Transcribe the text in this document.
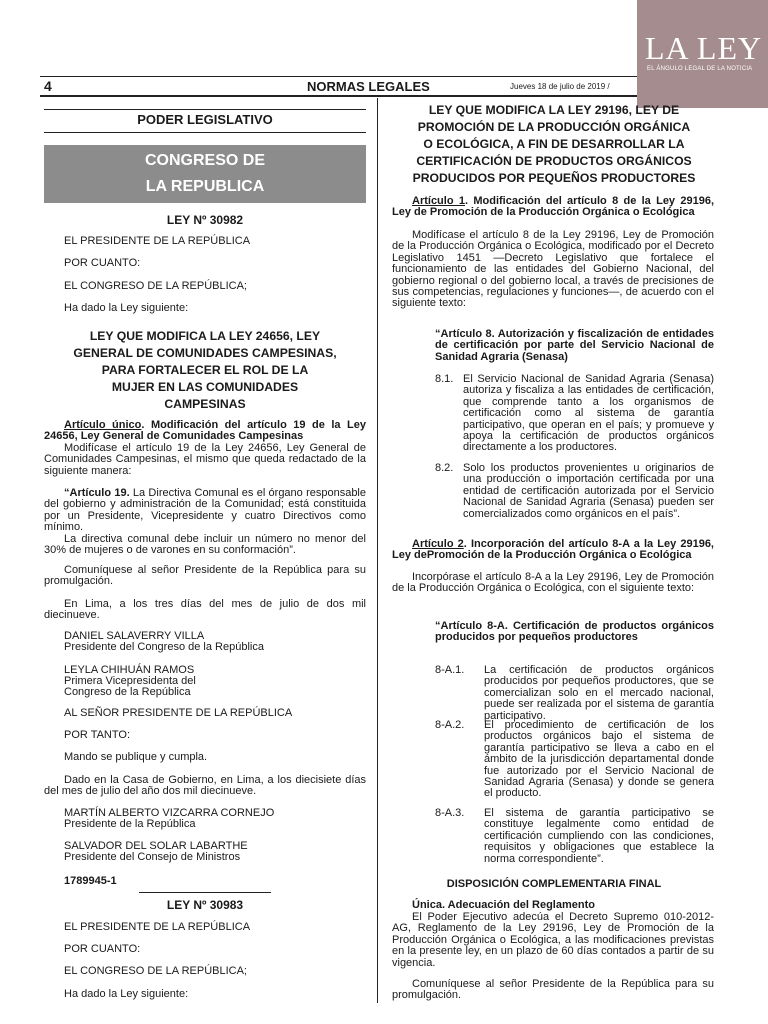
4	NORMAS LEGALES	Jueves 18 de julio de 2019 /
LA LEY
EL ÁNGULO LEGAL DE LA NOTICIA
PODER LEGISLATIVO
CONGRESO DE
LA REPUBLICA
LEY Nº 30982
EL PRESIDENTE DE LA REPÚBLICA
POR CUANTO:
EL CONGRESO DE LA REPÚBLICA;
Ha dado la Ley siguiente:
LEY QUE MODIFICA LA LEY 24656, LEY
GENERAL DE COMUNIDADES CAMPESINAS,
PARA FORTALECER EL ROL DE LA
MUJER EN LAS COMUNIDADES
CAMPESINAS
Artículo único. Modificación del artículo 19 de la Ley 24656, Ley General de Comunidades Campesinas
Modifícase el artículo 19 de la Ley 24656, Ley General de Comunidades Campesinas, el mismo que queda redactado de la siguiente manera:
“Artículo 19. La Directiva Comunal es el órgano responsable del gobierno y administración de la Comunidad; está constituida por un Presidente, Vicepresidente y cuatro Directivos como mínimo.
La directiva comunal debe incluir un número no menor del 30% de mujeres o de varones en su conformación”.
Comuníquese al señor Presidente de la República para su promulgación.
En Lima, a los tres días del mes de julio de dos mil diecinueve.
DANIEL SALAVERRY VILLA
Presidente del Congreso de la República
LEYLA CHIHUÁN RAMOS
Primera Vicepresidenta del
Congreso de la República
AL SEÑOR PRESIDENTE DE LA REPÚBLICA
POR TANTO:
Mando se publique y cumpla.
Dado en la Casa de Gobierno, en Lima, a los diecisiete días del mes de julio del año dos mil diecinueve.
MARTÍN ALBERTO VIZCARRA CORNEJO
Presidente de la República
SALVADOR DEL SOLAR LABARTHE
Presidente del Consejo de Ministros
1789945-1
LEY Nº 30983
EL PRESIDENTE DE LA REPÚBLICA
POR CUANTO:
EL CONGRESO DE LA REPÚBLICA;
Ha dado la Ley siguiente:
LEY QUE MODIFICA LA LEY 29196, LEY DE
PROMOCIÓN DE LA PRODUCCIÓN ORGÁNICA
O ECOLÓGICA, A FIN DE DESARROLLAR LA
CERTIFICACIÓN DE PRODUCTOS ORGÁNICOS
PRODUCIDOS POR PEQUEÑOS PRODUCTORES
Artículo 1. Modificación del artículo 8 de la Ley 29196, Ley de Promoción de la Producción Orgánica o Ecológica
Modifícase el artículo 8 de la Ley 29196, Ley de Promoción de la Producción Orgánica o Ecológica, modificado por el Decreto Legislativo 1451 —Decreto Legislativo que fortalece el funcionamiento de las entidades del Gobierno Nacional, del gobierno regional o del gobierno local, a través de precisiones de sus competencias, regulaciones y funciones—, de acuerdo con el siguiente texto:
“Artículo 8. Autorización y fiscalización de entidades de certificación por parte del Servicio Nacional de Sanidad Agraria (Senasa)
8.1. El Servicio Nacional de Sanidad Agraria (Senasa) autoriza y fiscaliza a las entidades de certificación, que comprende tanto a los organismos de certificación como al sistema de garantía participativo, que operan en el país; y promueve y apoya la certificación de productos orgánicos directamente a los productores.
8.2. Solo los productos provenientes u originarios de una producción o importación certificada por una entidad de certificación autorizada por el Servicio Nacional de Sanidad Agraria (Senasa) pueden ser comercializados como orgánicos en el país”.
Artículo 2. Incorporación del artículo 8-A a la Ley 29196, Ley dePromoción de la Producción Orgánica o Ecológica
Incorpórase el artículo 8-A a la Ley 29196, Ley de Promoción de la Producción Orgánica o Ecológica, con el siguiente texto:
“Artículo 8-A. Certificación de productos orgánicos producidos por pequeños productores
8-A.1. La certificación de productos orgánicos producidos por pequeños productores, que se comercializan solo en el mercado nacional, puede ser realizada por el sistema de garantía participativo.
8-A.2. El procedimiento de certificación de los productos orgánicos bajo el sistema de garantía participativo se lleva a cabo en el ámbito de la jurisdicción departamental donde fue autorizado por el Servicio Nacional de Sanidad Agraria (Senasa) y donde se genera el producto.
8-A.3. El sistema de garantía participativo se constituye legalmente como entidad de certificación cumpliendo con las condiciones, requisitos y obligaciones que establece la norma correspondiente”.
DISPOSICIÓN COMPLEMENTARIA FINAL
Única. Adecuación del Reglamento
El Poder Ejecutivo adecúa el Decreto Supremo 010-2012-AG, Reglamento de la Ley 29196, Ley de Promoción de la Producción Orgánica o Ecológica, a las modificaciones previstas en la presente ley, en un plazo de 60 días contados a partir de su vigencia.
Comuníquese al señor Presidente de la República para su promulgación.
